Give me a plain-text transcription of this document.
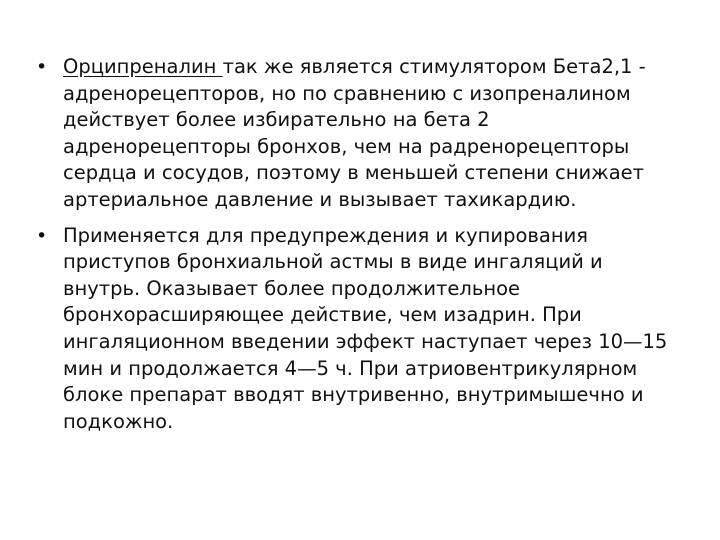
• Орципреналин так же является стимулятором Бета2,1 - адренорецепторов, но по сравнению с изопреналином действует более избирательно на бета 2 адренорецепторы бронхов, чем на радренорецепторы сердца и сосудов, поэтому в меньшей степени снижает артериальное давление и вызывает тахикардию.
• Применяется для предупреждения и купирования приступов бронхиальной астмы в виде ингаляций и внутрь. Оказывает более продолжительное бронхорасширяющее действие, чем изадрин. При ингаляционном введении эффект наступает через 10—15 мин и продолжается 4—5 ч. При атриовентрикулярном блоке препарат вводят внутривенно, внутримышечно и подкожно.
